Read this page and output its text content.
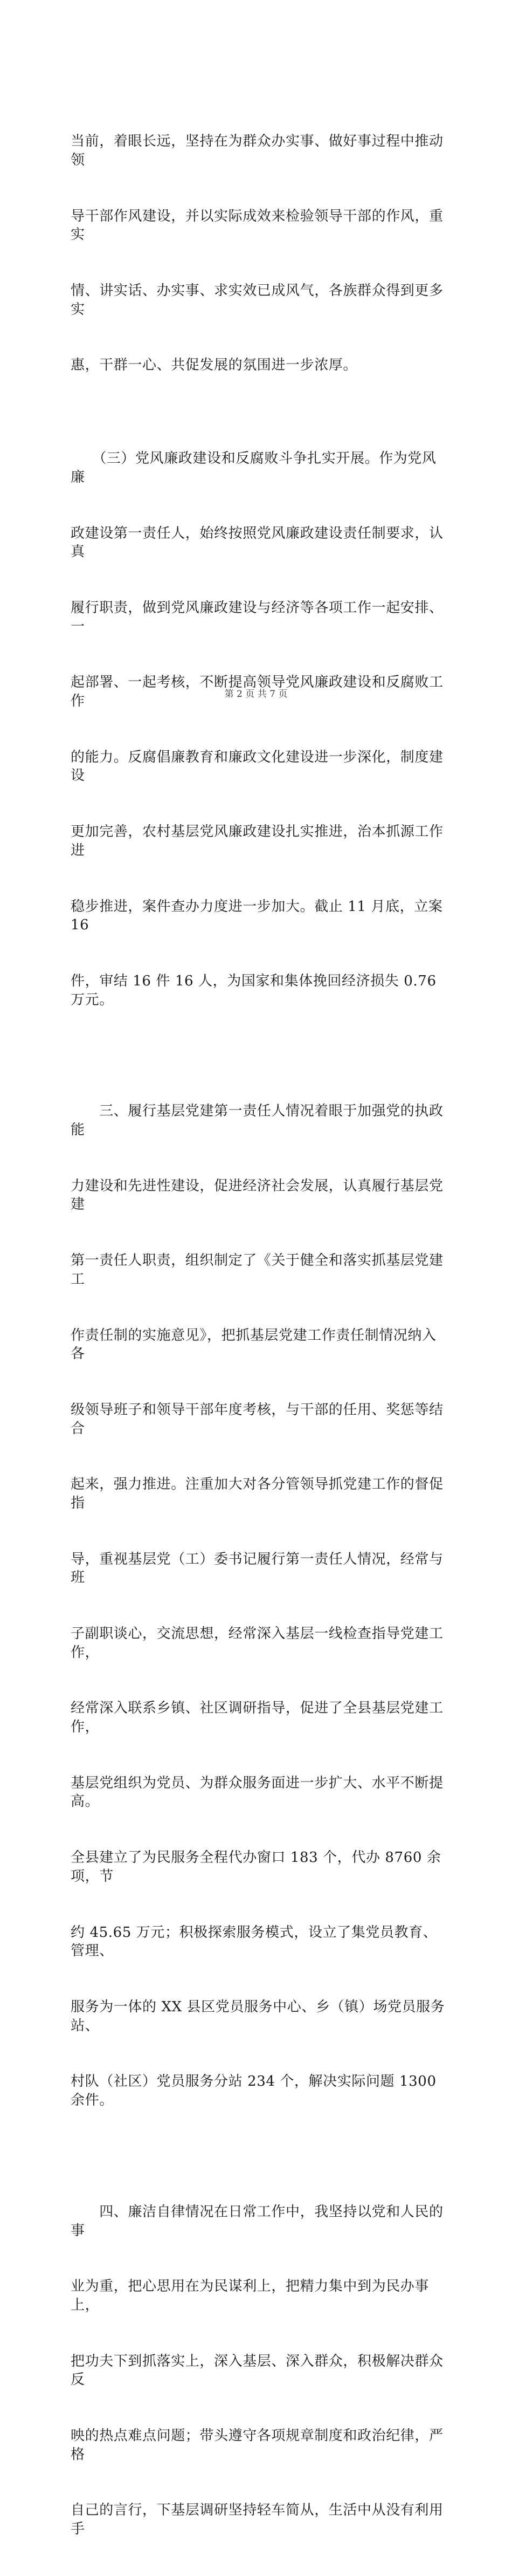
当前，着眼长远，坚持在为群众办实事、做好事过程中推动领

导干部作风建设，并以实际成效来检验领导干部的作风，重实

情、讲实话、办实事、求实效已成风气，各族群众得到更多实

惠，干群一心、共促发展的氛围进一步浓厚。

　　（三）党风廉政建设和反腐败斗争扎实开展。作为党风廉

政建设第一责任人，始终按照党风廉政建设责任制要求，认真

履行职责，做到党风廉政建设与经济等各项工作一起安排、一

起部署、一起考核，不断提高领导党风廉政建设和反腐败工作

的能力。反腐倡廉教育和廉政文化建设进一步深化，制度建设

更加完善，农村基层党风廉政建设扎实推进，治本抓源工作进

稳步推进，案件查办力度进一步加大。截止 11 月底，立案 16

件，审结 16 件 16 人，为国家和集体挽回经济损失 0.76 万元。

　　三、履行基层党建第一责任人情况着眼于加强党的执政能

力建设和先进性建设，促进经济社会发展，认真履行基层党建

第一责任人职责，组织制定了《关于健全和落实抓基层党建工

作责任制的实施意见》，把抓基层党建工作责任制情况纳入各

级领导班子和领导干部年度考核，与干部的任用、奖惩等结合

起来，强力推进。注重加大对各分管领导抓党建工作的督促指

导，重视基层党（工）委书记履行第一责任人情况，经常与班

子副职谈心，交流思想，经常深入基层一线检查指导党建工作，

经常深入联系乡镇、社区调研指导，促进了全县基层党建工作，

基层党组织为党员、为群众服务面进一步扩大、水平不断提高。

全县建立了为民服务全程代办窗口 183 个，代办 8760 余项，节

约 45.65 万元；积极探索服务模式，设立了集党员教育、管理、

服务为一体的 XX 县区党员服务中心、乡（镇）场党员服务站、

村队（社区）党员服务分站 234 个，解决实际问题 1300 余件。

　　四、廉洁自律情况在日常工作中，我坚持以党和人民的事

业为重，把心思用在为民谋利上，把精力集中到为民办事上，

把功夫下到抓落实上，深入基层、深入群众，积极解决群众反

映的热点难点问题；带头遵守各项规章制度和政治纪律，严格

自己的言行，下基层调研坚持轻车简从，生活中从没有利用手

第 2 页 共 7 页
